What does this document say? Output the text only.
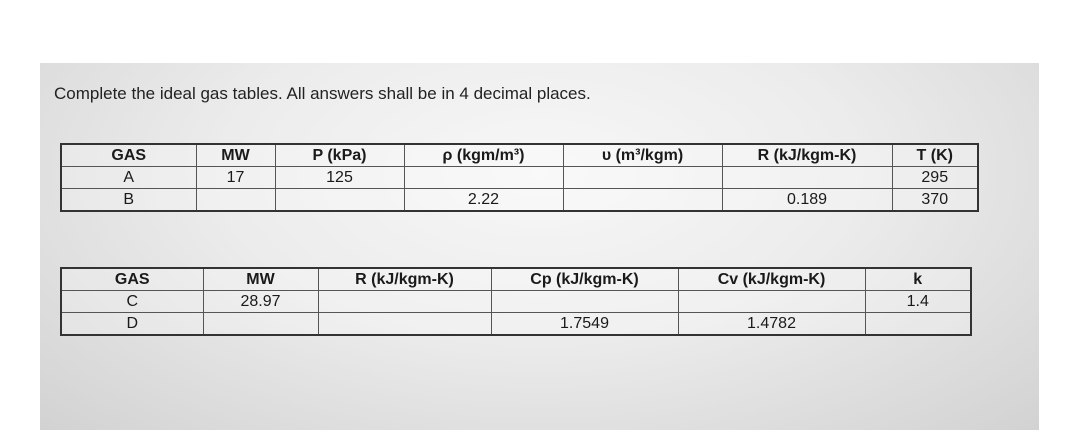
Complete the ideal gas tables. All answers shall be in 4 decimal places.
GAS	MW	P (kPa)	ρ (kgm/m³)	υ (m³/kgm)	R (kJ/kgm-K)	T (K)
A	17	125				295
B			2.22		0.189	370
GAS	MW	R (kJ/kgm-K)	Cp (kJ/kgm-K)	Cv (kJ/kgm-K)	k
C	28.97				1.4
D			1.7549	1.4782	
